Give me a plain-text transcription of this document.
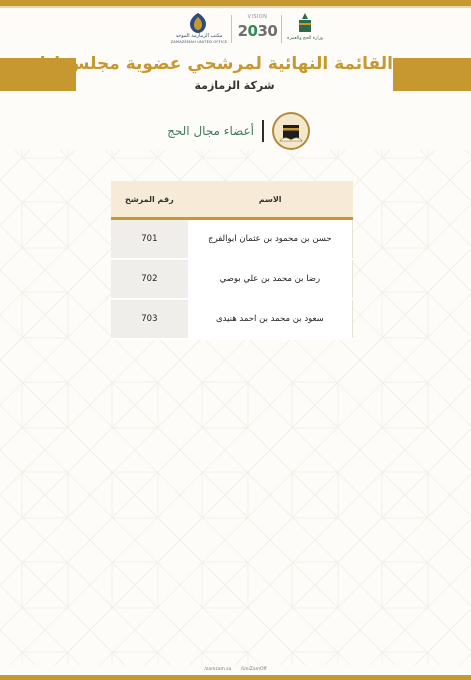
مكتب الزمازمة الموحد
ZAMAZEMAH UNITED OFFICE
VISION
2030 وزارة الحج والعمرة
القائمة النهائية لمرشحي عضوية مجلس إدارة
شركة الزمازمة
أعضاء مجال الحج
رقم المرشح	الاسم
701	حسن بن محمود بن عثمان ابوالفرج
702	رضا بن محمد بن علي بوصي
703	سعود بن محمد بن احمد هنيدى
/zamzam.sa /UniZamOff
